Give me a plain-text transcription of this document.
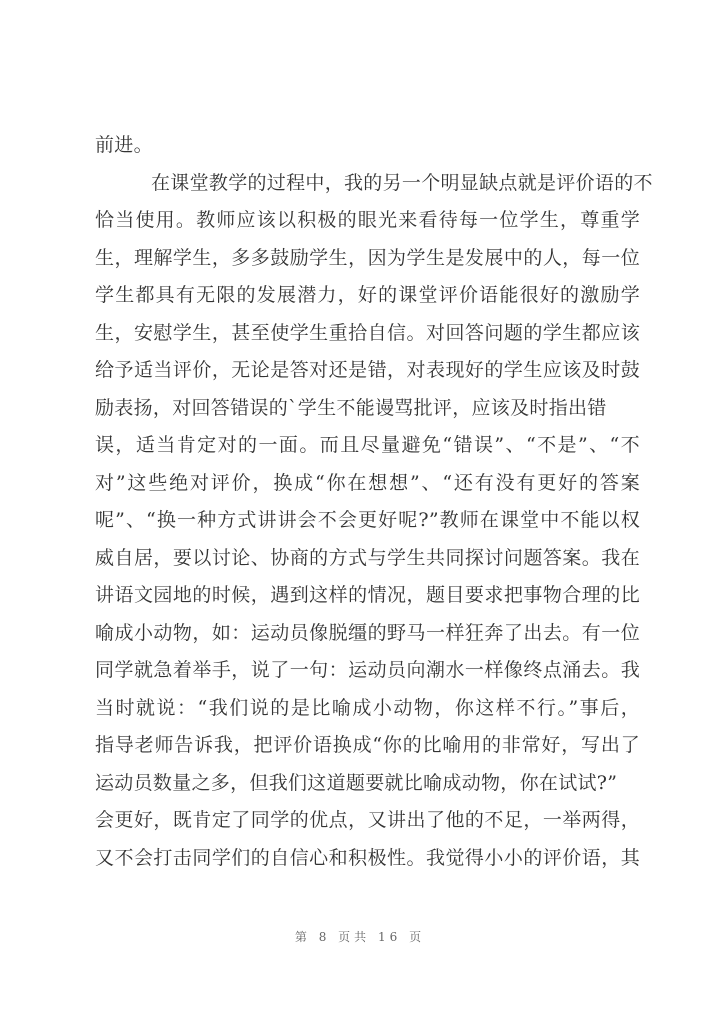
前进。
在课堂教学的过程中，我的另一个明显缺点就是评价语的不
恰当使用。教师应该以积极的眼光来看待每一位学生，尊重学
生，理解学生，多多鼓励学生，因为学生是发展中的人，每一位
学生都具有无限的发展潜力，好的课堂评价语能很好的激励学
生，安慰学生，甚至使学生重拾自信。对回答问题的学生都应该
给予适当评价，无论是答对还是错，对表现好的学生应该及时鼓
励表扬，对回答错误的`学生不能谩骂批评，应该及时指出错
误，适当肯定对的一面。而且尽量避免“错误”、“不是”、“不
对”这些绝对评价，换成“你在想想”、“还有没有更好的答案
呢”、“换一种方式讲讲会不会更好呢?”教师在课堂中不能以权
威自居，要以讨论、协商的方式与学生共同探讨问题答案。我在
讲语文园地的时候，遇到这样的情况，题目要求把事物合理的比
喻成小动物，如：运动员像脱缰的野马一样狂奔了出去。有一位
同学就急着举手，说了一句：运动员向潮水一样像终点涌去。我
当时就说：“我们说的是比喻成小动物，你这样不行。”事后，
指导老师告诉我，把评价语换成“你的比喻用的非常好，写出了
运动员数量之多，但我们这道题要就比喻成动物，你在试试?”
会更好，既肯定了同学的优点，又讲出了他的不足，一举两得，
又不会打击同学们的自信心和积极性。我觉得小小的评价语，其
第 8 页共 16 页
